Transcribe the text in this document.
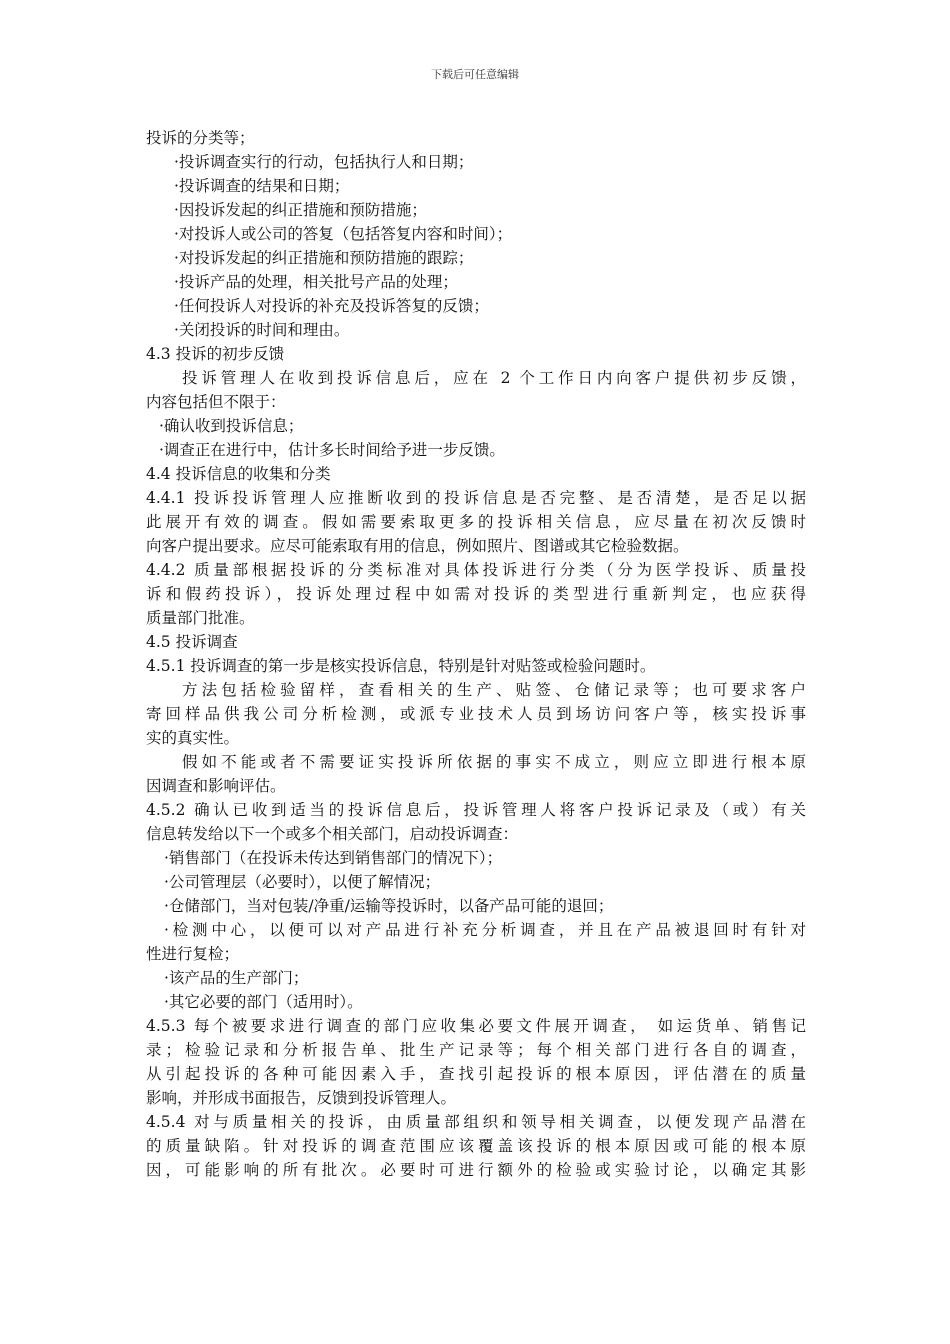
下载后可任意编辑
投诉的分类等；
·投诉调查实行的行动，包括执行人和日期；
·投诉调查的结果和日期；
·因投诉发起的纠正措施和预防措施；
·对投诉人或公司的答复（包括答复内容和时间）；
·对投诉发起的纠正措施和预防措施的跟踪；
·投诉产品的处理，相关批号产品的处理；
·任何投诉人对投诉的补充及投诉答复的反馈；
·关闭投诉的时间和理由。
4.3 投诉的初步反馈
投诉管理人在收到投诉信息后，应在 2 个工作日内向客户提供初步反馈，
内容包括但不限于：
·确认收到投诉信息；
·调查正在进行中，估计多长时间给予进一步反馈。
4.4 投诉信息的收集和分类
4.4.1 投诉投诉管理人应推断收到的投诉信息是否完整、是否清楚，是否足以据
此展开有效的调查。假如需要索取更多的投诉相关信息，应尽量在初次反馈时
向客户提出要求。应尽可能索取有用的信息，例如照片、图谱或其它检验数据。
4.4.2 质量部根据投诉的分类标准对具体投诉进行分类（分为医学投诉、质量投
诉和假药投诉），投诉处理过程中如需对投诉的类型进行重新判定，也应获得
质量部门批准。
4.5 投诉调查
4.5.1 投诉调查的第一步是核实投诉信息，特别是针对贴签或检验问题时。
方法包括检验留样，查看相关的生产、贴签、仓储记录等；也可要求客户
寄回样品供我公司分析检测，或派专业技术人员到场访问客户等，核实投诉事
实的真实性。
假如不能或者不需要证实投诉所依据的事实不成立，则应立即进行根本原
因调查和影响评估。
4.5.2 确认已收到适当的投诉信息后，投诉管理人将客户投诉记录及（或）有关
信息转发给以下一个或多个相关部门，启动投诉调查：
·销售部门（在投诉未传达到销售部门的情况下）；
·公司管理层（必要时），以便了解情况；
·仓储部门，当对包装/净重/运输等投诉时，以备产品可能的退回；
·检测中心，以便可以对产品进行补充分析调查，并且在产品被退回时有针对
性进行复检；
·该产品的生产部门；
·其它必要的部门（适用时）。
4.5.3 每个被要求进行调查的部门应收集必要文件展开调查， 如运货单、销售记
录；检验记录和分析报告单、批生产记录等；每个相关部门进行各自的调查，
从引起投诉的各种可能因素入手，查找引起投诉的根本原因，评估潜在的质量
影响，并形成书面报告，反馈到投诉管理人。
4.5.4 对与质量相关的投诉，由质量部组织和领导相关调查，以便发现产品潜在
的质量缺陷。针对投诉的调查范围应该覆盖该投诉的根本原因或可能的根本原
因，可能影响的所有批次。必要时可进行额外的检验或实验讨论，以确定其影
